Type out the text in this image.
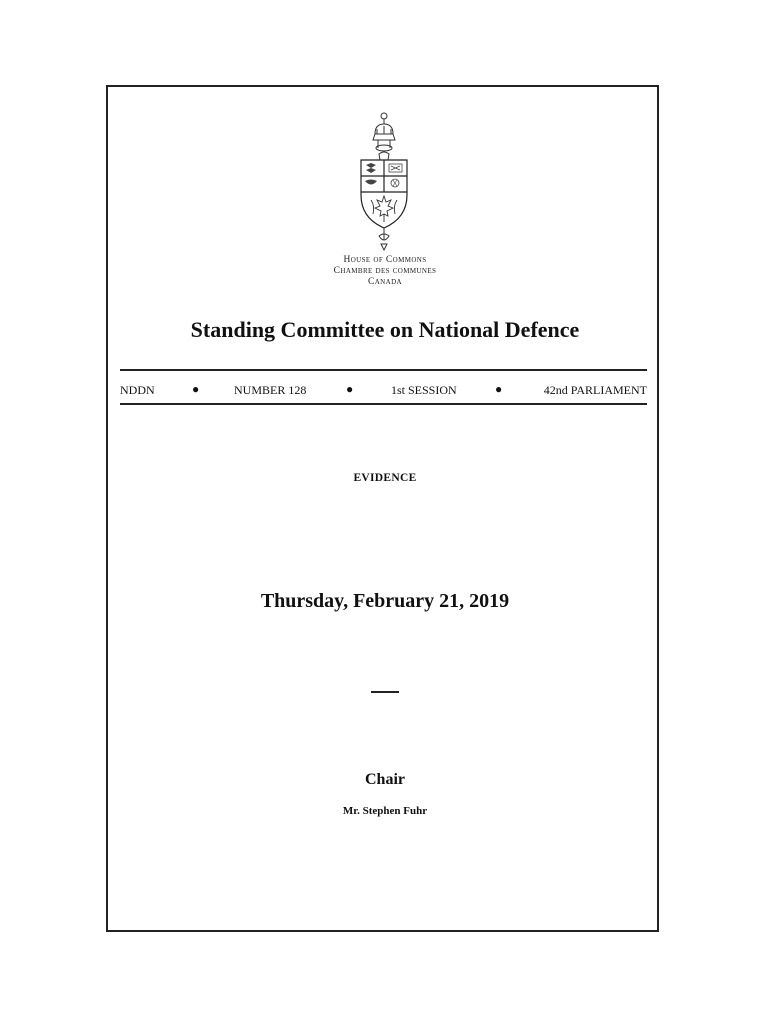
House of Commons
Chambre des communes
Canada
Standing Committee on National Defence
NDDN	●	NUMBER 128	●	1st SESSION	●	42nd PARLIAMENT
EVIDENCE
Thursday, February 21, 2019
Chair
Mr. Stephen Fuhr
